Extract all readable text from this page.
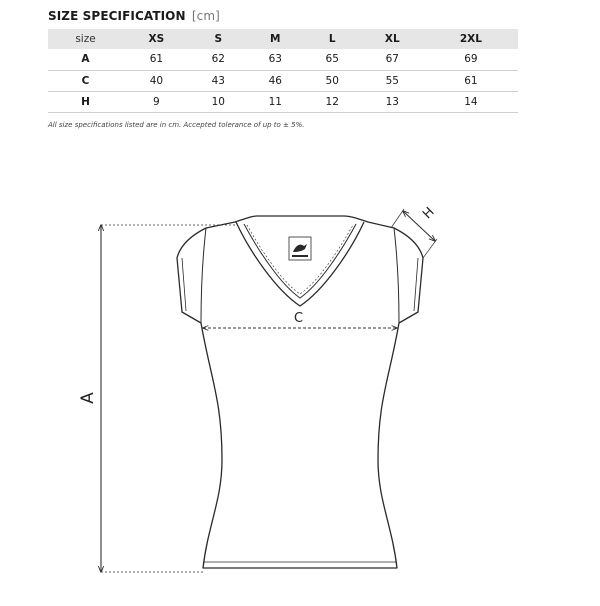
SIZE SPECIFICATION [cm]
size	XS	S	M	L	XL	2XL
A	61	62	63	65	67	69
C	40	43	46	50	55	61
H	9	10	11	12	13	14
All size specifications listed are in cm. Accepted tolerance of up to ± 5%.
A
C
H
